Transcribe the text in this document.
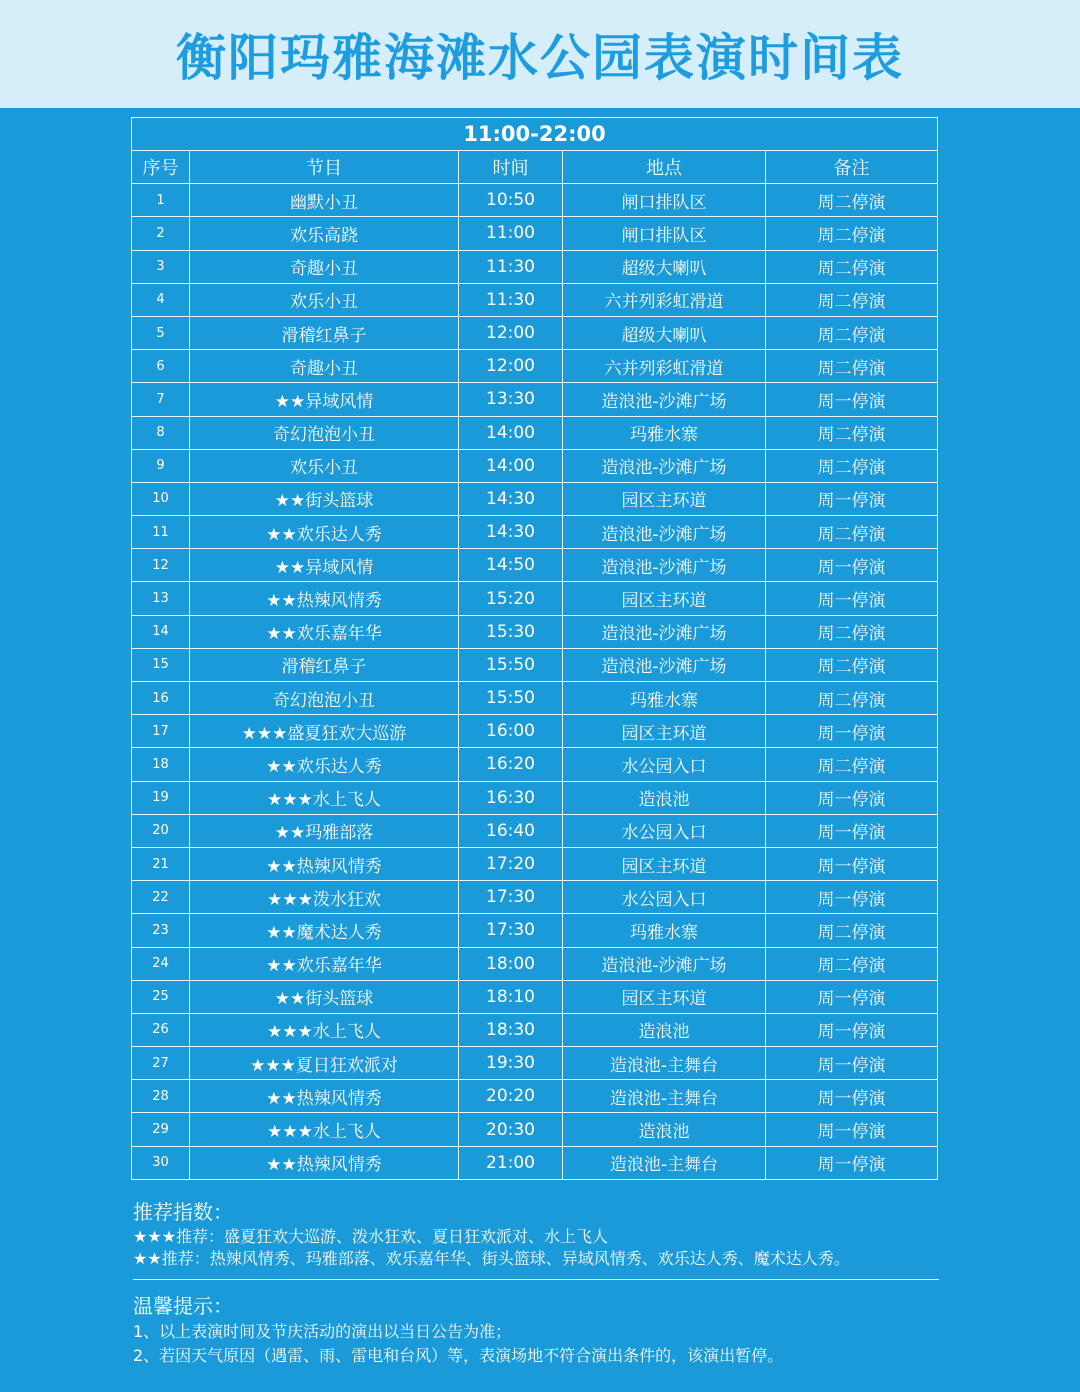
衡阳玛雅海滩水公园表演时间表
11:00-22:00				
序号	节目	时间	地点	备注
1	幽默小丑	10:50	闸口排队区	周二停演
2	欢乐高跷	11:00	闸口排队区	周二停演
3	奇趣小丑	11:30	超级大喇叭	周二停演
4	欢乐小丑	11:30	六并列彩虹滑道	周二停演
5	滑稽红鼻子	12:00	超级大喇叭	周二停演
6	奇趣小丑	12:00	六并列彩虹滑道	周二停演
7	★★异域风情	13:30	造浪池-沙滩广场	周一停演
8	奇幻泡泡小丑	14:00	玛雅水寨	周二停演
9	欢乐小丑	14:00	造浪池-沙滩广场	周二停演
10	★★街头篮球	14:30	园区主环道	周一停演
11	★★欢乐达人秀	14:30	造浪池-沙滩广场	周二停演
12	★★异域风情	14:50	造浪池-沙滩广场	周一停演
13	★★热辣风情秀	15:20	园区主环道	周一停演
14	★★欢乐嘉年华	15:30	造浪池-沙滩广场	周二停演
15	滑稽红鼻子	15:50	造浪池-沙滩广场	周二停演
16	奇幻泡泡小丑	15:50	玛雅水寨	周二停演
17	★★★盛夏狂欢大巡游	16:00	园区主环道	周一停演
18	★★欢乐达人秀	16:20	水公园入口	周二停演
19	★★★水上飞人	16:30	造浪池	周一停演
20	★★玛雅部落	16:40	水公园入口	周一停演
21	★★热辣风情秀	17:20	园区主环道	周一停演
22	★★★泼水狂欢	17:30	水公园入口	周一停演
23	★★魔术达人秀	17:30	玛雅水寨	周二停演
24	★★欢乐嘉年华	18:00	造浪池-沙滩广场	周二停演
25	★★街头篮球	18:10	园区主环道	周一停演
26	★★★水上飞人	18:30	造浪池	周一停演
27	★★★夏日狂欢派对	19:30	造浪池-主舞台	周一停演
28	★★热辣风情秀	20:20	造浪池-主舞台	周一停演
29	★★★水上飞人	20:30	造浪池	周一停演
30	★★热辣风情秀	21:00	造浪池-主舞台	周一停演
推荐指数：
★★★推荐：盛夏狂欢大巡游、泼水狂欢、夏日狂欢派对、水上飞人
★★推荐：热辣风情秀、玛雅部落、欢乐嘉年华、街头篮球、异域风情秀、欢乐达人秀、魔术达人秀。
温馨提示：
1、以上表演时间及节庆活动的演出以当日公告为准；
2、若因天气原因（遇雷、雨、雷电和台风）等，表演场地不符合演出条件的，该演出暂停。
